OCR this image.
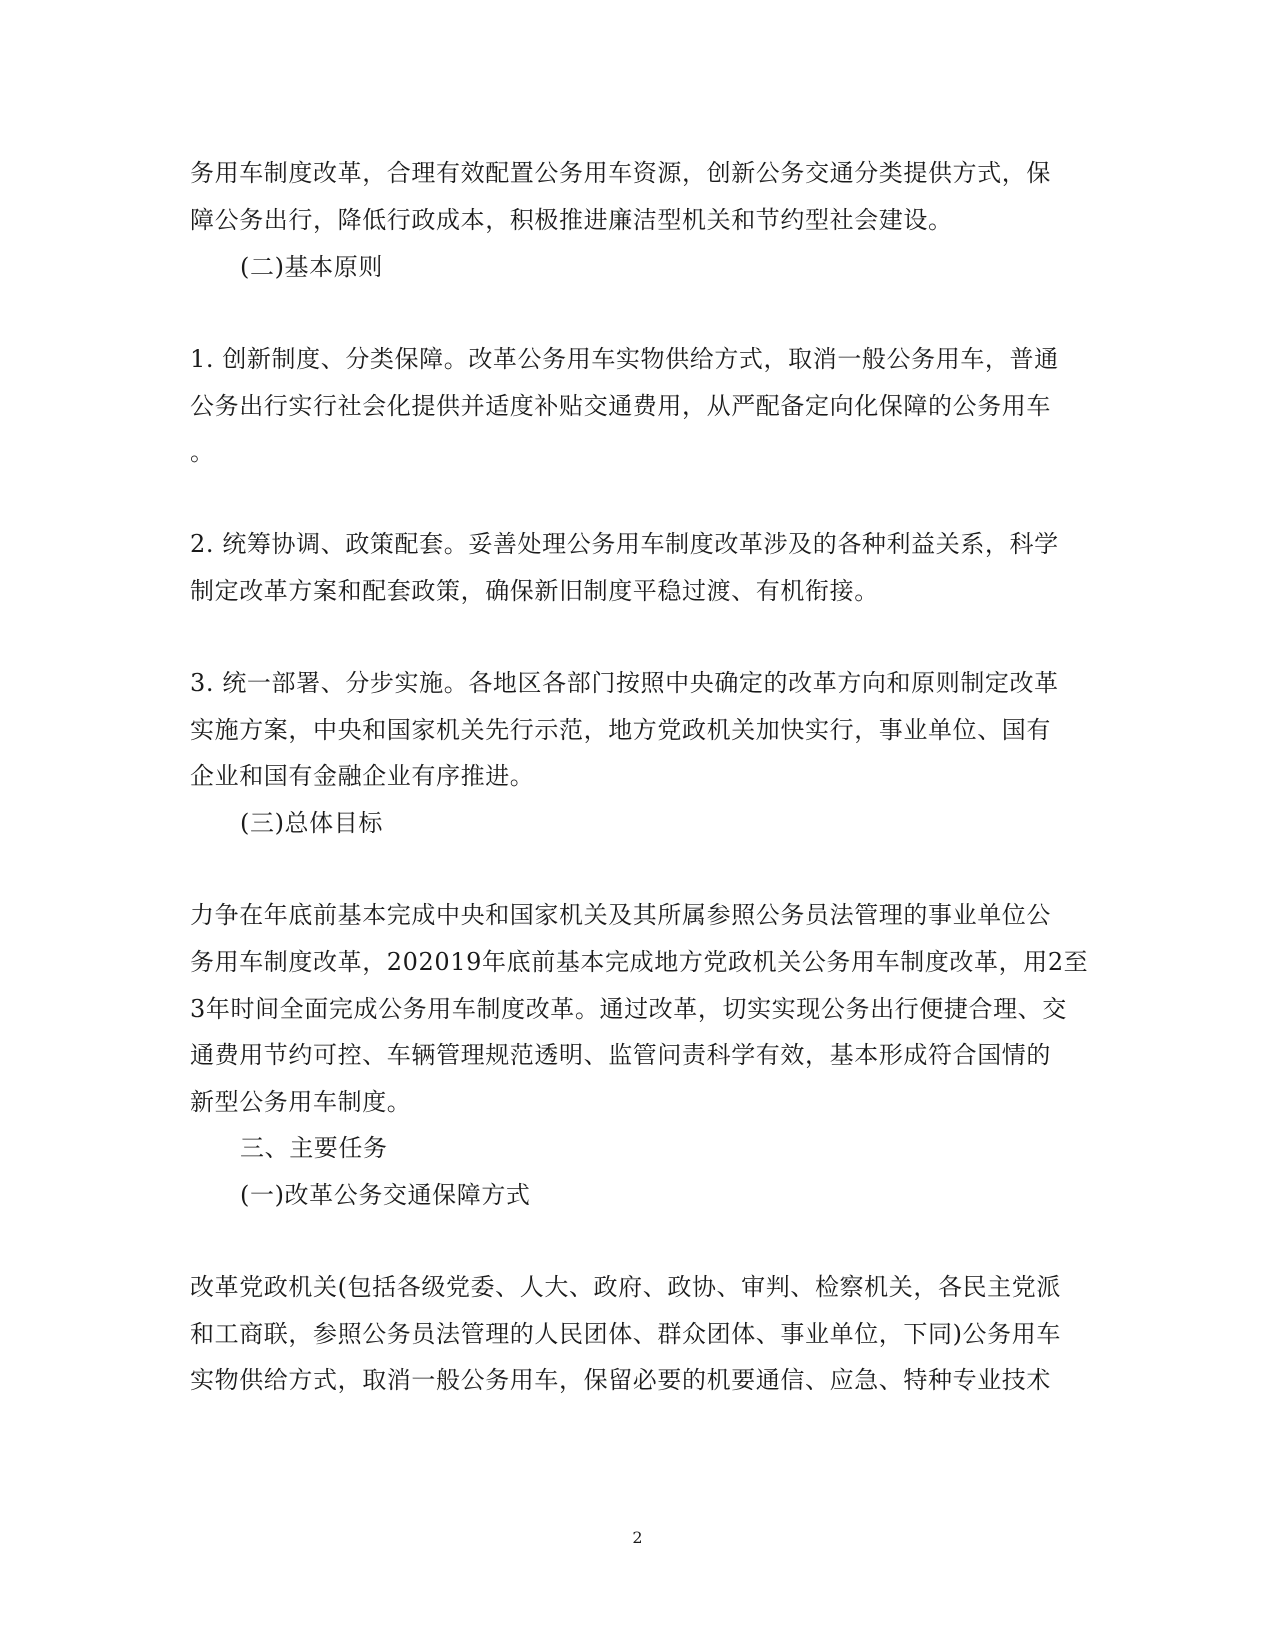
务用车制度改革，合理有效配置公务用车资源，创新公务交通分类提供方式，保
障公务出行，降低行政成本，积极推进廉洁型机关和节约型社会建设。
(二)基本原则
1. 创新制度、分类保障。改革公务用车实物供给方式，取消一般公务用车，普通
公务出行实行社会化提供并适度补贴交通费用，从严配备定向化保障的公务用车
。
2. 统筹协调、政策配套。妥善处理公务用车制度改革涉及的各种利益关系，科学
制定改革方案和配套政策，确保新旧制度平稳过渡、有机衔接。
3. 统一部署、分步实施。各地区各部门按照中央确定的改革方向和原则制定改革
实施方案，中央和国家机关先行示范，地方党政机关加快实行，事业单位、国有
企业和国有金融企业有序推进。
(三)总体目标
力争在年底前基本完成中央和国家机关及其所属参照公务员法管理的事业单位公
务用车制度改革，202019年底前基本完成地方党政机关公务用车制度改革，用2至
3年时间全面完成公务用车制度改革。通过改革，切实实现公务出行便捷合理、交
通费用节约可控、车辆管理规范透明、监管问责科学有效，基本形成符合国情的
新型公务用车制度。
三、主要任务
(一)改革公务交通保障方式
改革党政机关(包括各级党委、人大、政府、政协、审判、检察机关，各民主党派
和工商联，参照公务员法管理的人民团体、群众团体、事业单位，下同)公务用车
实物供给方式，取消一般公务用车，保留必要的机要通信、应急、特种专业技术
2
